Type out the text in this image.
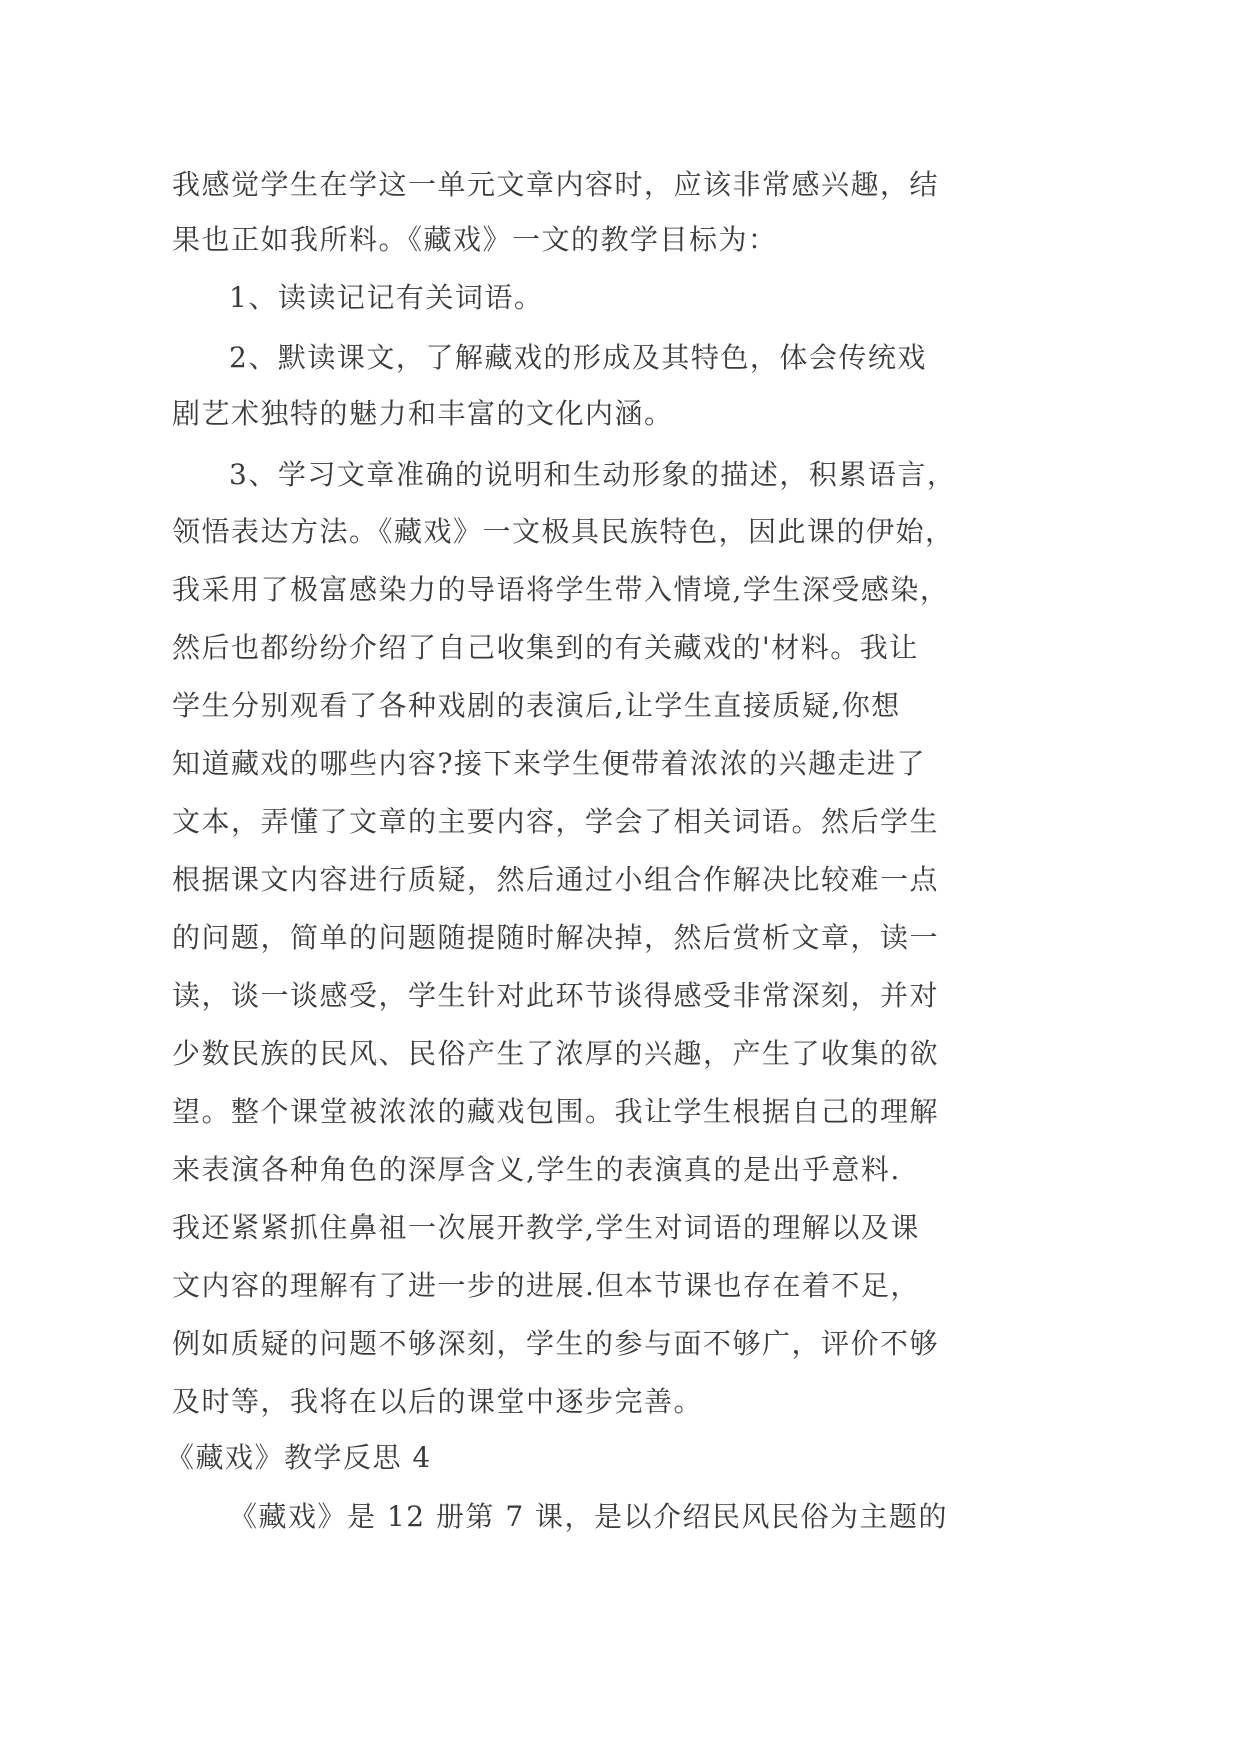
我感觉学生在学这一单元文章内容时，应该非常感兴趣，结
果也正如我所料。《藏戏》一文的教学目标为：
1、读读记记有关词语。
2、默读课文，了解藏戏的形成及其特色，体会传统戏
剧艺术独特的魅力和丰富的文化内涵。
3、学习文章准确的说明和生动形象的描述，积累语言，
领悟表达方法。《藏戏》一文极具民族特色，因此课的伊始，
我采用了极富感染力的导语将学生带入情境,学生深受感染，
然后也都纷纷介绍了自己收集到的有关藏戏的'材料。我让
学生分别观看了各种戏剧的表演后,让学生直接质疑,你想
知道藏戏的哪些内容?接下来学生便带着浓浓的兴趣走进了
文本，弄懂了文章的主要内容，学会了相关词语。然后学生
根据课文内容进行质疑，然后通过小组合作解决比较难一点
的问题，简单的问题随提随时解决掉，然后赏析文章，读一
读，谈一谈感受，学生针对此环节谈得感受非常深刻，并对
少数民族的民风、民俗产生了浓厚的兴趣，产生了收集的欲
望。整个课堂被浓浓的藏戏包围。我让学生根据自己的理解
来表演各种角色的深厚含义,学生的表演真的是出乎意料.
我还紧紧抓住鼻祖一次展开教学,学生对词语的理解以及课
文内容的理解有了进一步的进展.但本节课也存在着不足，
例如质疑的问题不够深刻，学生的参与面不够广，评价不够
及时等，我将在以后的课堂中逐步完善。
《藏戏》教学反思 4
《藏戏》是 12 册第 7 课，是以介绍民风民俗为主题的
